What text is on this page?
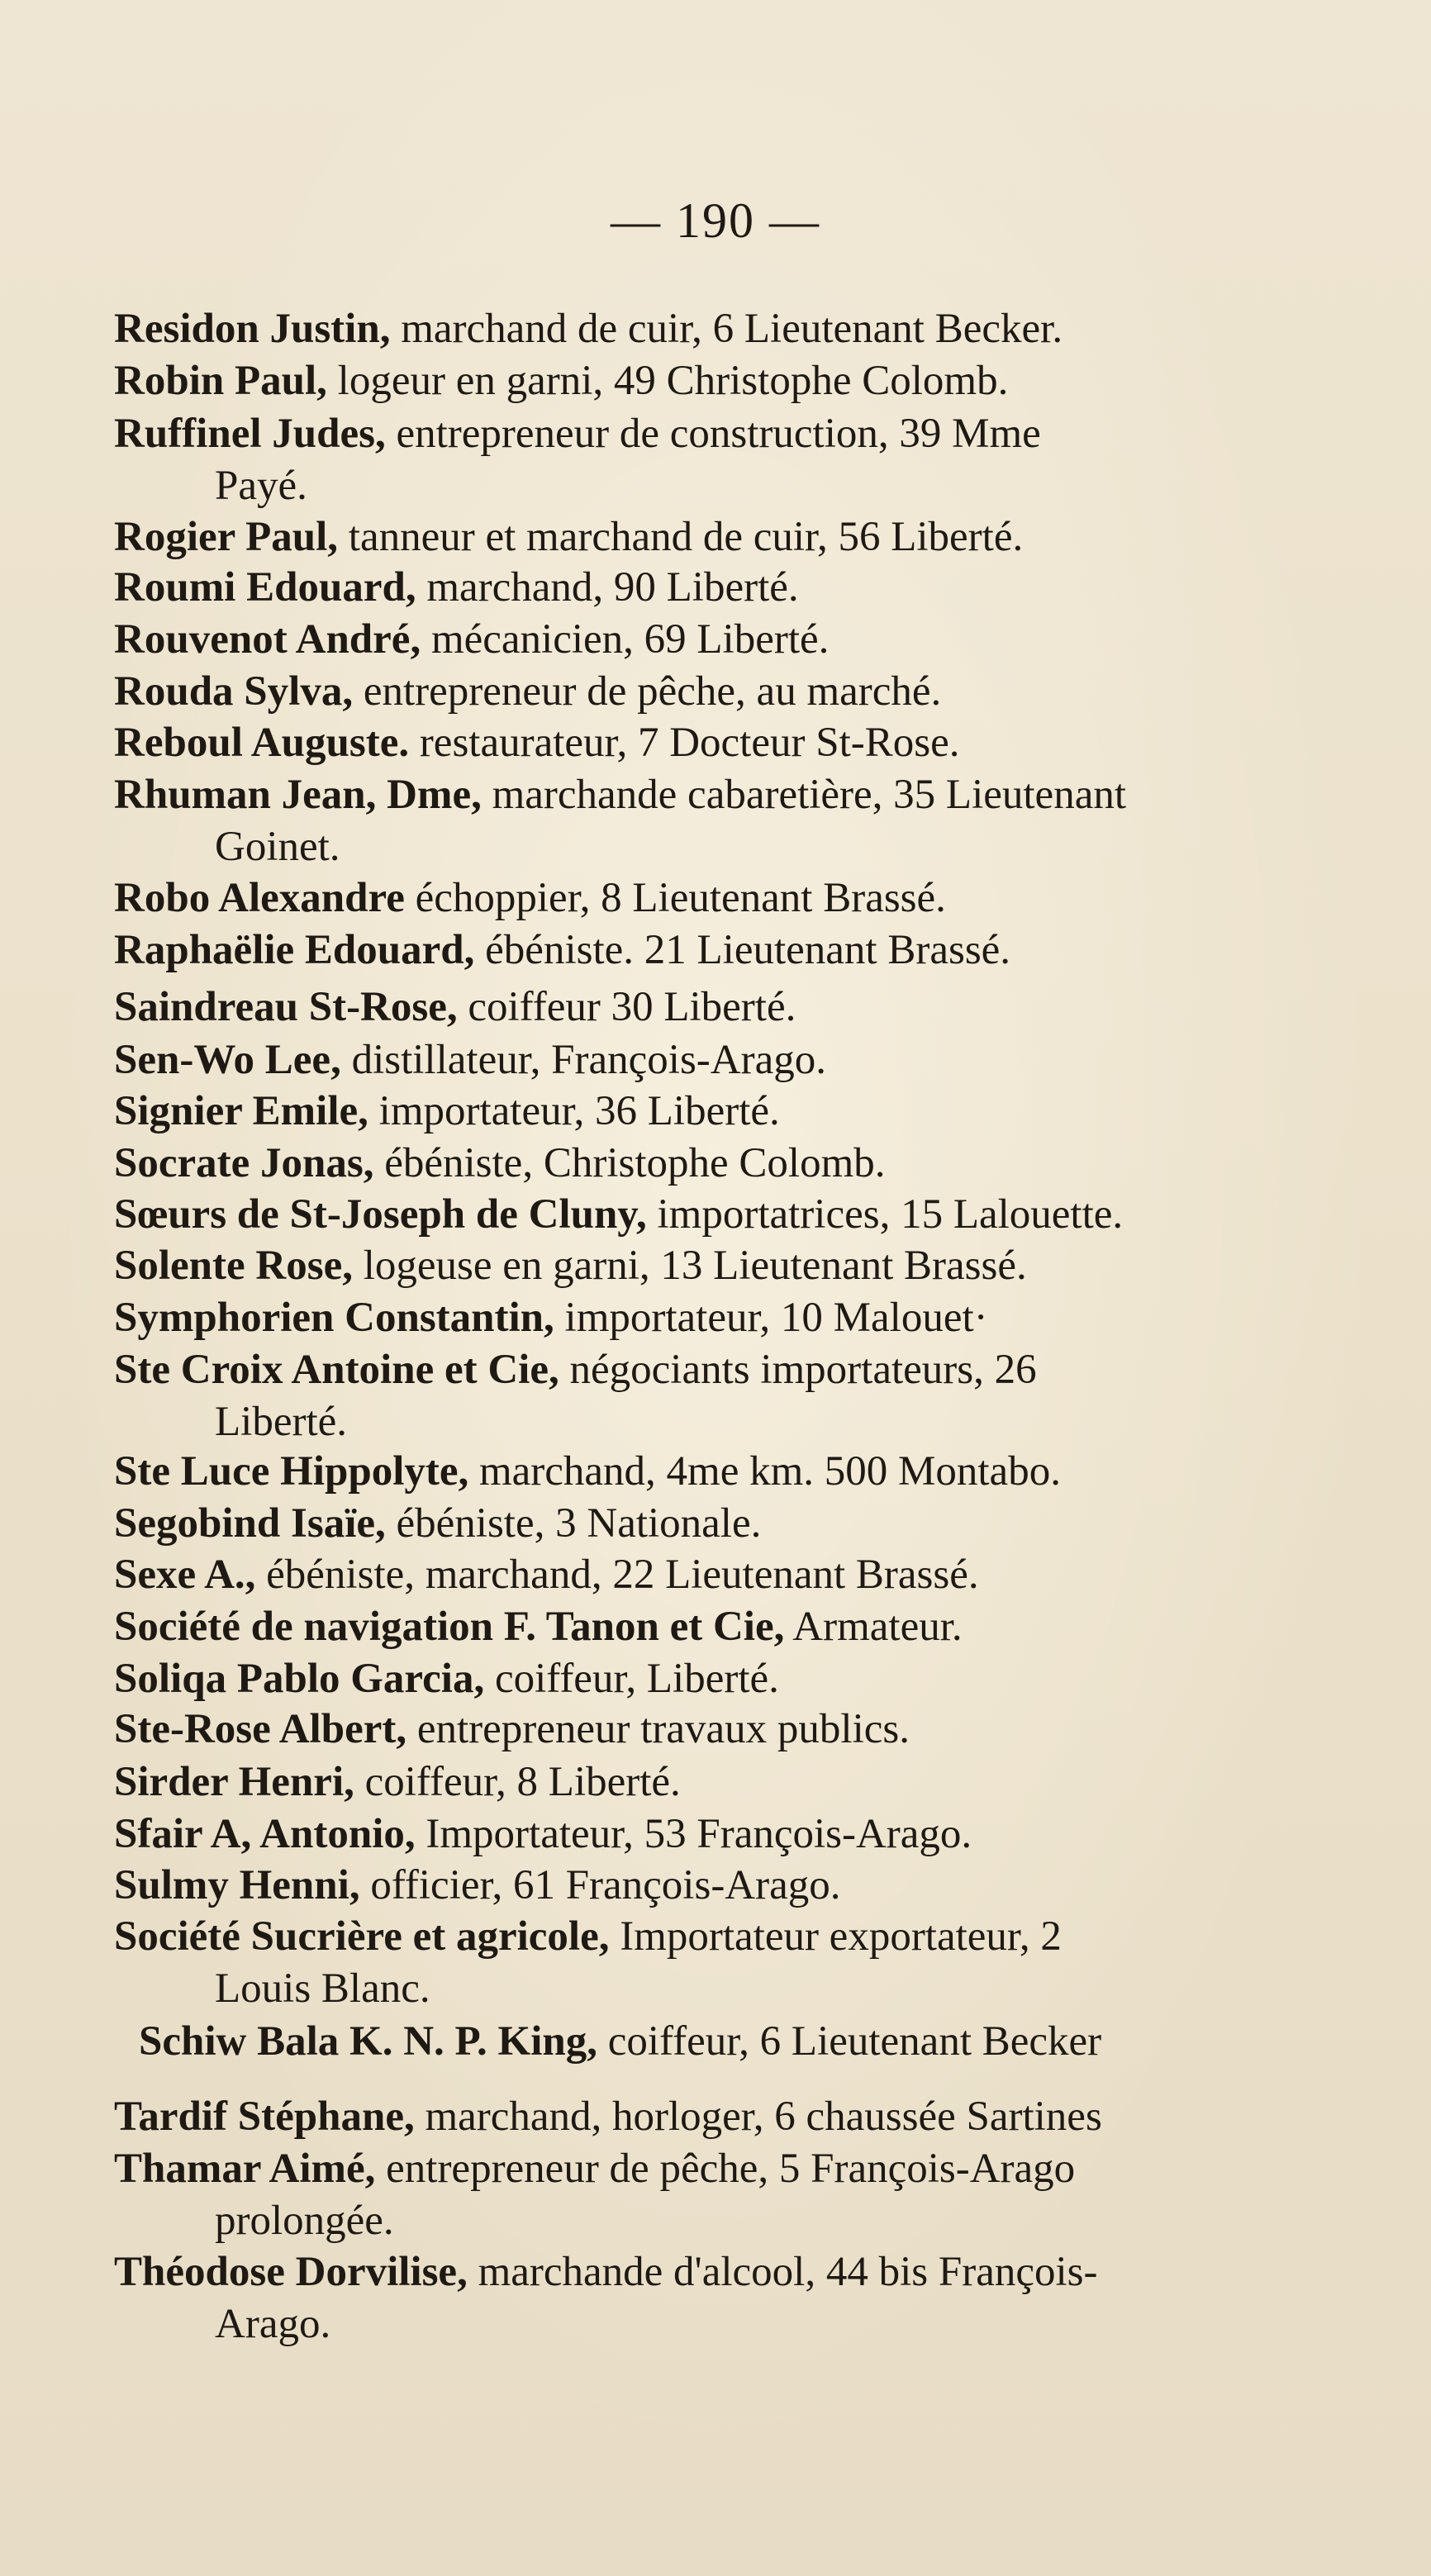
— 190 —
Residon Justin, marchand de cuir, 6 Lieutenant Becker.
Robin Paul, logeur en garni, 49 Christophe Colomb.
Ruffinel Judes, entrepreneur de construction, 39 Mme
Payé.
Rogier Paul, tanneur et marchand de cuir, 56 Liberté.
Roumi Edouard, marchand, 90 Liberté.
Rouvenot André, mécanicien, 69 Liberté.
Rouda Sylva, entrepreneur de pêche, au marché.
Reboul Auguste. restaurateur, 7 Docteur St-Rose.
Rhuman Jean, Dme, marchande cabaretière, 35 Lieutenant
Goinet.
Robo Alexandre échoppier, 8 Lieutenant Brassé.
Raphaëlie Edouard, ébéniste. 21 Lieutenant Brassé.
Saindreau St-Rose, coiffeur 30 Liberté.
Sen-Wo Lee, distillateur, François-Arago.
Signier Emile, importateur, 36 Liberté.
Socrate Jonas, ébéniste, Christophe Colomb.
Sœurs de St-Joseph de Cluny, importatrices, 15 Lalouette.
Solente Rose, logeuse en garni, 13 Lieutenant Brassé.
Symphorien Constantin, importateur, 10 Malouet·
Ste Croix Antoine et Cie, négociants importateurs, 26
Liberté.
Ste Luce Hippolyte, marchand, 4me km. 500 Montabo.
Segobind Isaïe, ébéniste, 3 Nationale.
Sexe A., ébéniste, marchand, 22 Lieutenant Brassé.
Société de navigation F. Tanon et Cie, Armateur.
Soliqa Pablo Garcia, coiffeur, Liberté.
Ste-Rose Albert, entrepreneur travaux publics.
Sirder Henri, coiffeur, 8 Liberté.
Sfair A, Antonio, Importateur, 53 François-Arago.
Sulmy Henni, officier, 61 François-Arago.
Société Sucrière et agricole, Importateur exportateur, 2
Louis Blanc.
Schiw Bala K. N. P. King, coiffeur, 6 Lieutenant Becker
Tardif Stéphane, marchand, horloger, 6 chaussée Sartines
Thamar Aimé, entrepreneur de pêche, 5 François-Arago
prolongée.
Théodose Dorvilise, marchande d'alcool, 44 bis François-
Arago.
